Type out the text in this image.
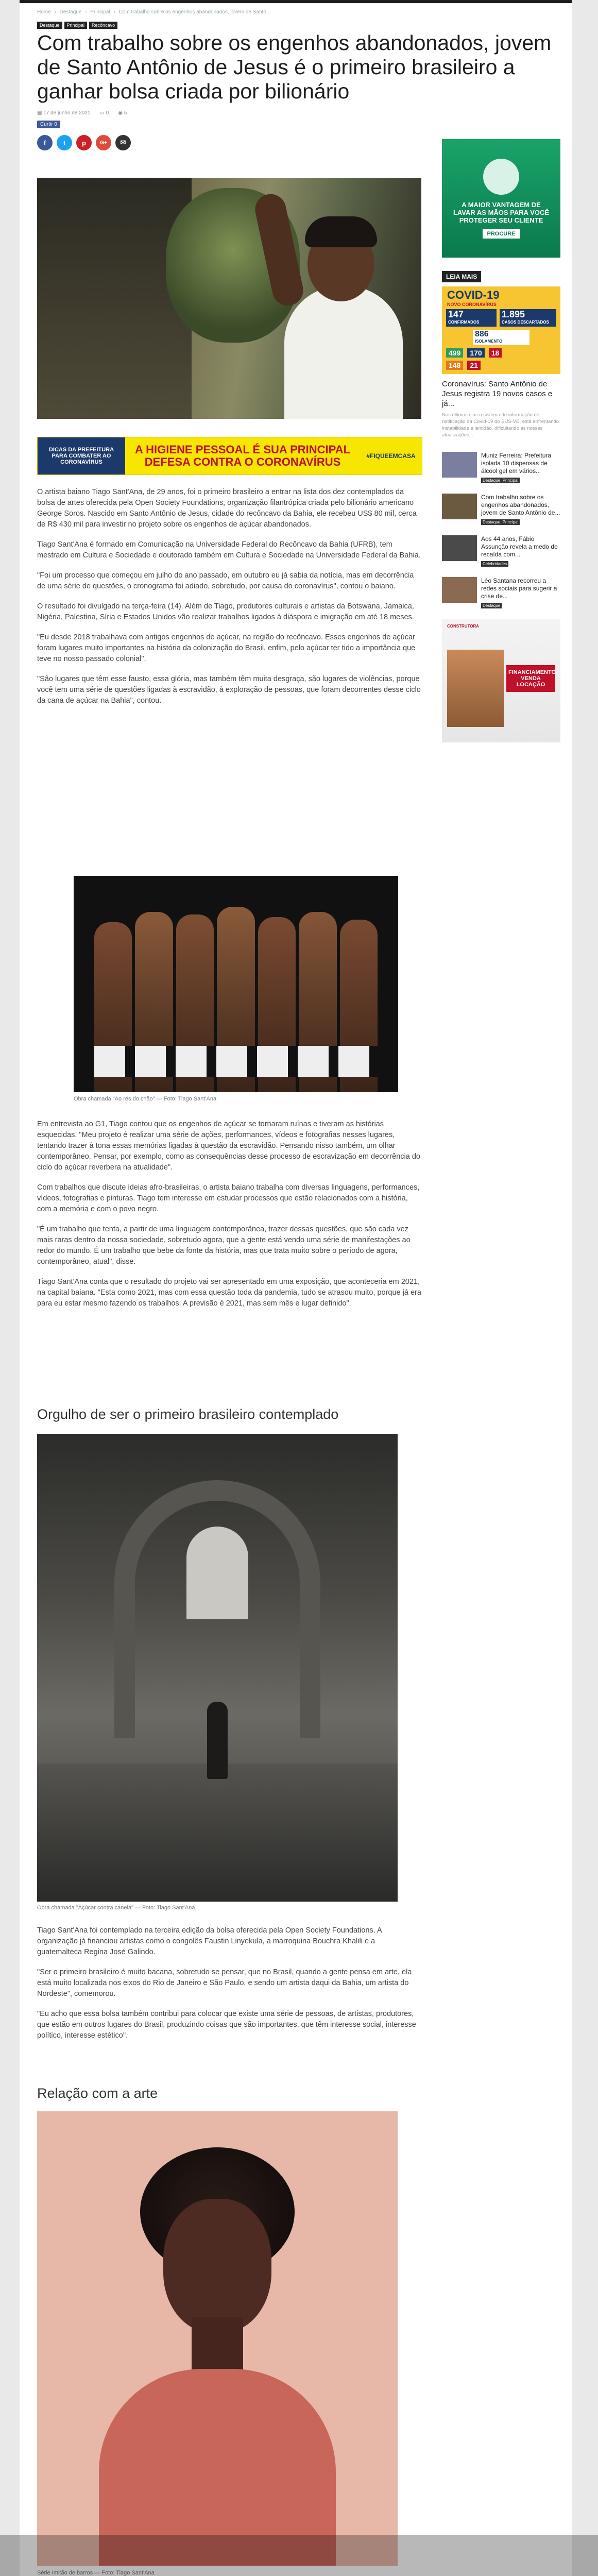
Home › Destaque › Principal › Com trabalho sobre os engenhos abandonados, jovem de Santo...
Destaque	Principal	Recôncavo
Com trabalho sobre os engenhos abandonados, jovem de Santo Antônio de Jesus é o primeiro brasileiro a ganhar bolsa criada por bilionário
▦ 17 de junho de 2021 ▭ 0 ◉ 5
Curtir 0
f	t	p	G+	✉
DICAS DA PREFEITURA PARA COMBATER AO CORONAVÍRUS
A HIGIENE PESSOAL É SUA PRINCIPAL DEFESA CONTRA O CORONAVÍRUS	#FIQUEEMCASA

O artista baiano Tiago Sant'Ana, de 29 anos, foi o primeiro brasileiro a entrar na lista dos dez contemplados da bolsa de artes oferecida pela Open Society Foundations, organização filantrópica criada pelo bilionário americano George Soros. Nascido em Santo Antônio de Jesus, cidade do recôncavo da Bahia, ele recebeu US$ 80 mil, cerca de R$ 430 mil para investir no projeto sobre os engenhos de açúcar abandonados.

Tiago Sant'Ana é formado em Comunicação na Universidade Federal do Recôncavo da Bahia (UFRB), tem mestrado em Cultura e Sociedade e doutorado também em Cultura e Sociedade na Universidade Federal da Bahia.

"Foi um processo que começou em julho do ano passado, em outubro eu já sabia da notícia, mas em decorrência de uma série de questões, o cronograma foi adiado, sobretudo, por causa do coronavírus", contou o baiano.

O resultado foi divulgado na terça-feira (14). Além de Tiago, produtores culturais e artistas da Botswana, Jamaica, Nigéria, Palestina, Síria e Estados Unidos vão realizar trabalhos ligados à diáspora e imigração em até 18 meses.

"Eu desde 2018 trabalhava com antigos engenhos de açúcar, na região do recôncavo. Esses engenhos de açúcar foram lugares muito importantes na história da colonização do Brasil, enfim, pelo açúcar ter tido a importância que teve no nosso passado colonial".

"São lugares que têm esse fausto, essa glória, mas também têm muita desgraça, são lugares de violências, porque você tem uma série de questões ligadas à escravidão, à exploração de pessoas, que foram decorrentes desse ciclo da cana de açúcar na Bahia", contou.

Obra chamada "Ao rés do chão" — Foto: Tiago Sant'Ana

Em entrevista ao G1, Tiago contou que os engenhos de açúcar se tornaram ruínas e tiveram as histórias esquecidas. "Meu projeto é realizar uma série de ações, performances, vídeos e fotografias nesses lugares, tentando trazer à tona essas memórias ligadas à questão da escravidão. Pensando nisso também, um olhar contemporâneo. Pensar, por exemplo, como as consequências desse processo de escravização em decorrência do ciclo do açúcar reverbera na atualidade".

Com trabalhos que discute ideias afro-brasileiras, o artista baiano trabalha com diversas linguagens, performances, vídeos, fotografias e pinturas. Tiago tem interesse em estudar processos que estão relacionados com a história, com a memória e com o povo negro.

"É um trabalho que tenta, a partir de uma linguagem contemporânea, trazer dessas questões, que são cada vez mais raras dentro da nossa sociedade, sobretudo agora, que a gente está vendo uma série de manifestações ao redor do mundo. É um trabalho que bebe da fonte da história, mas que trata muito sobre o período de agora, contemporâneo, atual", disse.

Tiago Sant'Ana conta que o resultado do projeto vai ser apresentado em uma exposição, que aconteceria em 2021, na capital baiana. "Esta como 2021, mas com essa questão toda da pandemia, tudo se atrasou muito, porque já era para eu estar mesmo fazendo os trabalhos. A previsão é 2021, mas sem mês e lugar definido".

Orgulho de ser o primeiro brasileiro contemplado
Obra chamada "Açúcar contra canela" — Foto: Tiago Sant'Ana

Tiago Sant'Ana foi contemplado na terceira edição da bolsa oferecida pela Open Society Foundations. A organização já financiou artistas como o congolês Faustin Linyekula, a marroquina Bouchra Khalili e a guatemalteca Regina José Galindo.

"Ser o primeiro brasileiro é muito bacana, sobretudo se pensar, que no Brasil, quando a gente pensa em arte, ela está muito localizada nos eixos do Rio de Janeiro e São Paulo, e sendo um artista daqui da Bahia, um artista do Nordeste", comemorou.

"Eu acho que essa bolsa também contribui para colocar que existe uma série de pessoas, de artistas, produtores, que estão em outros lugares do Brasil, produzindo coisas que são importantes, que têm interesse social, interesse político, interesse estético".

Relação com a arte
Série Imitão de barros — Foto: Tiago Sant'Ana

A MAIOR VANTAGEM DE LAVAR AS MÃOS PARA VOCÊ PROTEGER SEU CLIENTE
PROCURE
LEIA MAIS
COVID-19
NOVO CORONAVÍRUS
147
CONFIRMADOS
1.895
CASOS DESCARTADOS
886
ISOLAMENTO
499	170	18
148	21
Coronavírus: Santo Antônio de Jesus registra 19 novos casos e já...
Nos últimos dias o sistema de informação de notificação da Covid-19 do SUS-VE, está enfrentando instabilidade e lentidão, dificultando as nossas atualizações...
Muniz Ferreira: Prefeitura isolada 10 dispensas de álcool gel em vários...
Destaque, Principal
Com trabalho sobre os engenhos abandonados, jovem de Santo Antônio de...
Destaque, Principal
Aos 44 anos, Fábio Assunção revela a medo de recaída com...
Celebridades
Léo Santana recorreu a redes sociais para sugerir a crise de...
Destaque
CONSTRUTORA
FINANCIAMENTO VENDA LOCAÇÃO
